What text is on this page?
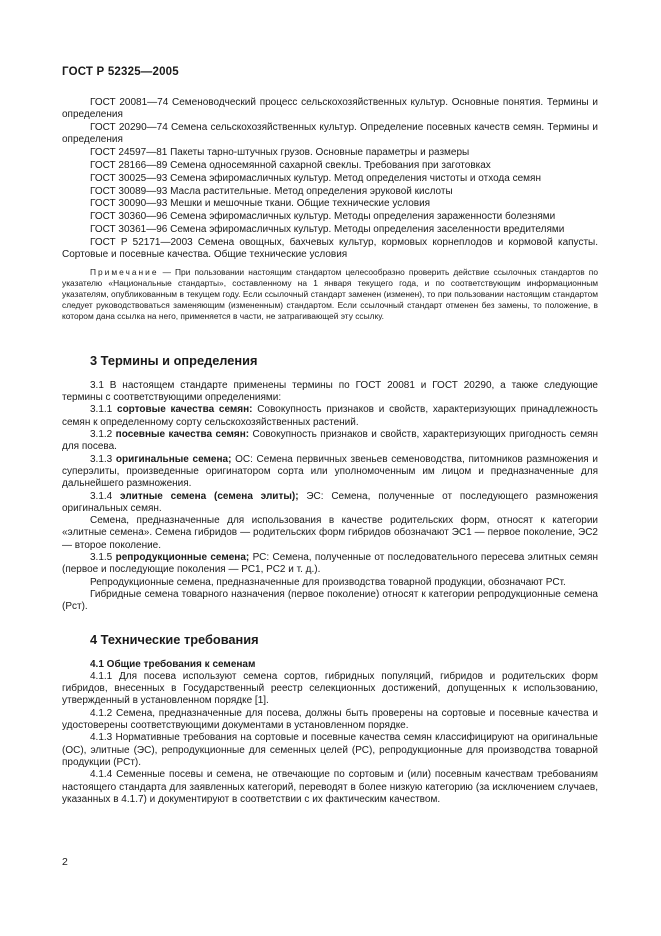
ГОСТ Р 52325—2005

ГОСТ 20081—74 Семеноводческий процесс сельскохозяйственных культур. Основные понятия. Термины и определения

ГОСТ 20290—74 Семена сельскохозяйственных культур. Определение посевных качеств семян. Термины и определения

ГОСТ 24597—81 Пакеты тарно-штучных грузов. Основные параметры и размеры

ГОСТ 28166—89 Семена односемянной сахарной свеклы. Требования при заготовках

ГОСТ 30025—93 Семена эфиромасличных культур. Метод определения чистоты и отхода семян

ГОСТ 30089—93 Масла растительные. Метод определения эруковой кислоты

ГОСТ 30090—93 Мешки и мешочные ткани. Общие технические условия

ГОСТ 30360—96 Семена эфиромасличных культур. Методы определения зараженности болезнями

ГОСТ 30361—96 Семена эфиромасличных культур. Методы определения заселенности вредителями

ГОСТ Р 52171—2003 Семена овощных, бахчевых культур, кормовых корнеплодов и кормовой капусты. Сортовые и посевные качества. Общие технические условия

Примечание — При пользовании настоящим стандартом целесообразно проверить действие ссылочных стандартов по указателю «Национальные стандарты», составленному на 1 января текущего года, и по соответствующим информационным указателям, опубликованным в текущем году. Если ссылочный стандарт заменен (изменен), то при пользовании настоящим стандартом следует руководствоваться заменяющим (измененным) стандартом. Если ссылочный стандарт отменен без замены, то положение, в котором дана ссылка на него, применяется в части, не затрагивающей эту ссылку.

3 Термины и определения

3.1 В настоящем стандарте применены термины по ГОСТ 20081 и ГОСТ 20290, а также следующие термины с соответствующими определениями:

3.1.1 сортовые качества семян: Совокупность признаков и свойств, характеризующих принадлежность семян к определенному сорту сельскохозяйственных растений.

3.1.2 посевные качества семян: Совокупность признаков и свойств, характеризующих пригодность семян для посева.

3.1.3 оригинальные семена; ОС: Семена первичных звеньев семеноводства, питомников размножения и суперэлиты, произведенные оригинатором сорта или уполномоченным им лицом и предназначенные для дальнейшего размножения.

3.1.4 элитные семена (семена элиты); ЭС: Семена, полученные от последующего размножения оригинальных семян.

Семена, предназначенные для использования в качестве родительских форм, относят к категории «элитные семена». Семена гибридов — родительских форм гибридов обозначают ЭС1 — первое поколение, ЭС2 — второе поколение.

3.1.5 репродукционные семена; РС: Семена, полученные от последовательного пересева элитных семян (первое и последующие поколения — РС1, РС2 и т. д.).

Репродукционные семена, предназначенные для производства товарной продукции, обозначают РСт.

Гибридные семена товарного назначения (первое поколение) относят к категории репродукционные семена (Рст).

4 Технические требования

4.1 Общие требования к семенам

4.1.1 Для посева используют семена сортов, гибридных популяций, гибридов и родительских форм гибридов, внесенных в Государственный реестр селекционных достижений, допущенных к использованию, утвержденный в установленном порядке [1].

4.1.2 Семена, предназначенные для посева, должны быть проверены на сортовые и посевные качества и удостоверены соответствующими документами в установленном порядке.

4.1.3 Нормативные требования на сортовые и посевные качества семян классифицируют на оригинальные (ОС), элитные (ЭС), репродукционные для семенных целей (РС), репродукционные для производства товарной продукции (РСт).

4.1.4 Семенные посевы и семена, не отвечающие по сортовым и (или) посевным качествам требованиям настоящего стандарта для заявленных категорий, переводят в более низкую категорию (за исключением случаев, указанных в 4.1.7) и документируют в соответствии с их фактическим качеством.

2
